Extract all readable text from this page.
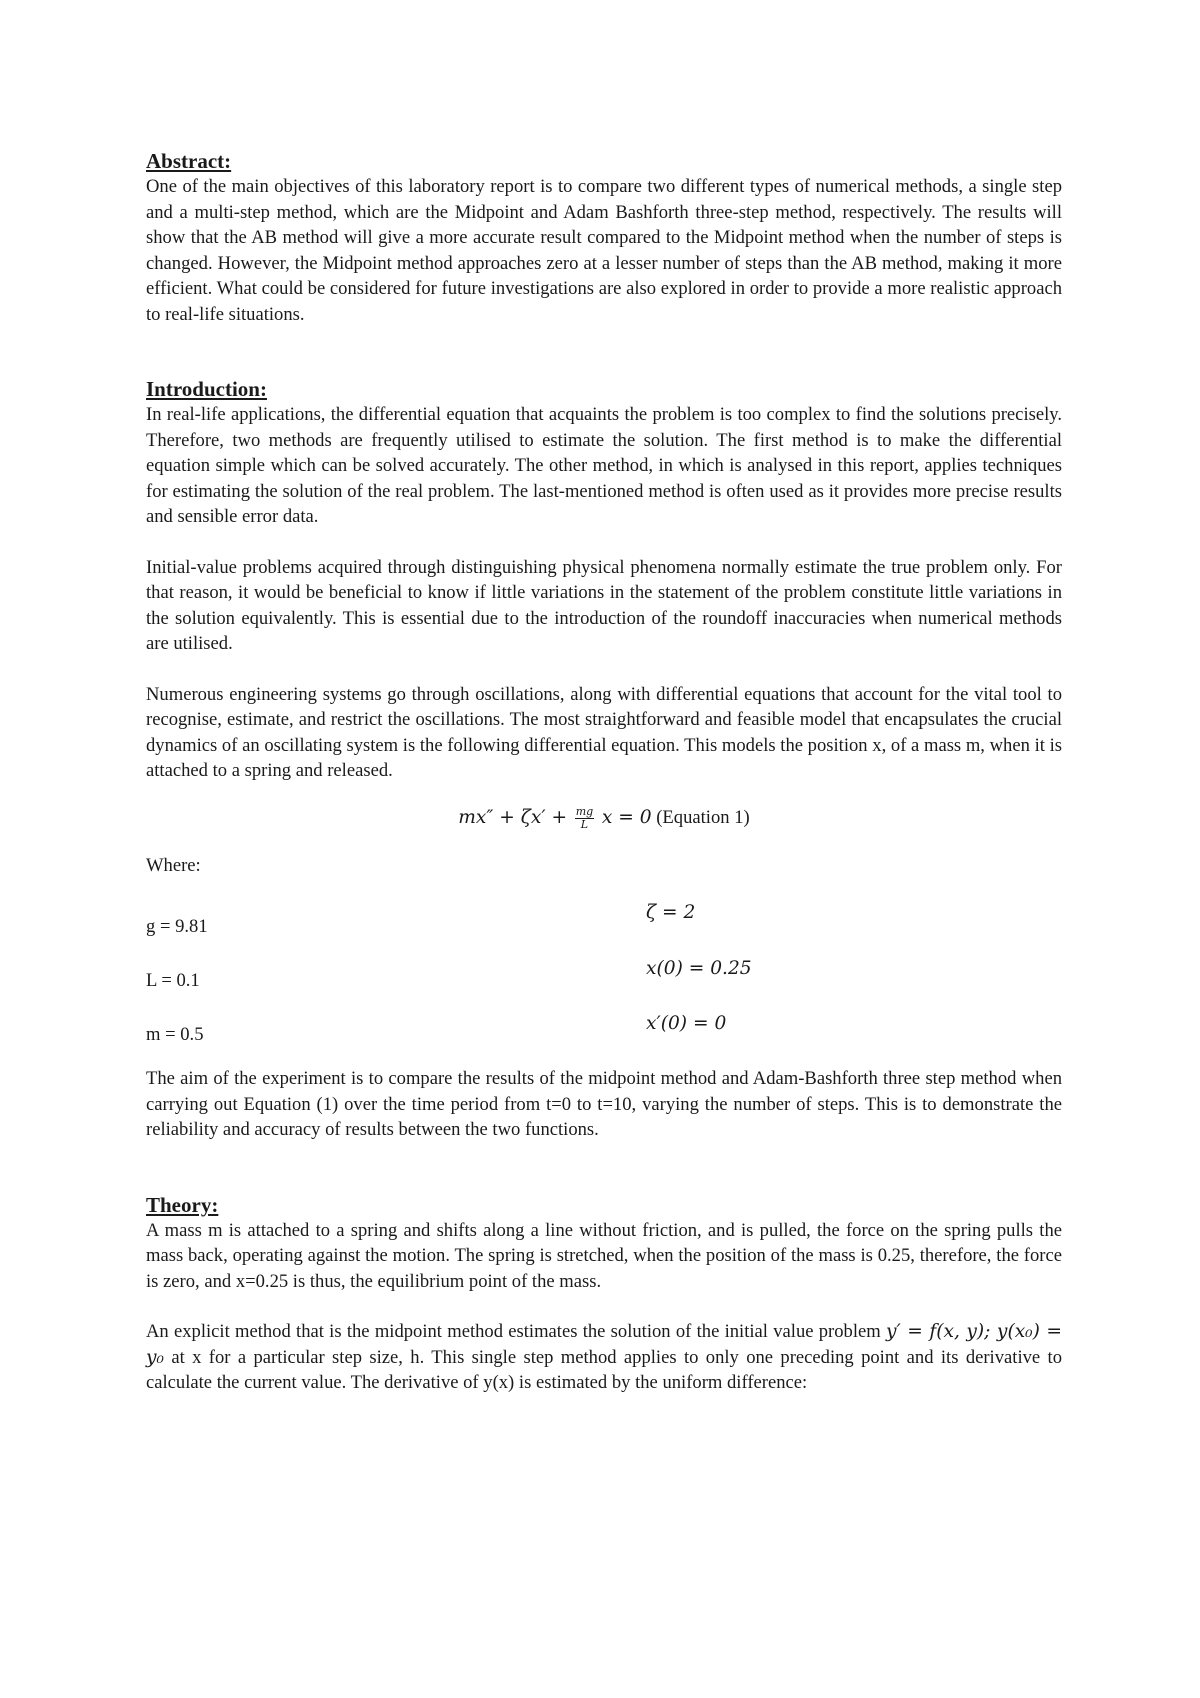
Abstract:

One of the main objectives of this laboratory report is to compare two different types of numerical methods, a single step and a multi-step method, which are the Midpoint and Adam Bashforth three-step method, respectively. The results will show that the AB method will give a more accurate result compared to the Midpoint method when the number of steps is changed. However, the Midpoint method approaches zero at a lesser number of steps than the AB method, making it more efficient. What could be considered for future investigations are also explored in order to provide a more realistic approach to real-life situations.

Introduction:

In real-life applications, the differential equation that acquaints the problem is too complex to find the solutions precisely. Therefore, two methods are frequently utilised to estimate the solution. The first method is to make the differential equation simple which can be solved accurately. The other method, in which is analysed in this report, applies techniques for estimating the solution of the real problem. The last-mentioned method is often used as it provides more precise results and sensible error data.

Initial-value problems acquired through distinguishing physical phenomena normally estimate the true problem only. For that reason, it would be beneficial to know if little variations in the statement of the problem constitute little variations in the solution equivalently. This is essential due to the introduction of the roundoff inaccuracies when numerical methods are utilised.

Numerous engineering systems go through oscillations, along with differential equations that account for the vital tool to recognise, estimate, and restrict the oscillations. The most straightforward and feasible model that encapsulates the crucial dynamics of an oscillating system is the following differential equation. This models the position x, of a mass m, when it is attached to a spring and released.

$mx'' + \zeta x' + \frac{mg}{L}$ x = 0 (Equation 1)

Where:

g = 9.81
L = 0.1
m = 0.5
ζ = 2
x(0) = 0.25
x′(0) = 0

The aim of the experiment is to compare the results of the midpoint method and Adam-Bashforth three step method when carrying out Equation (1) over the time period from t=0 to t=10, varying the number of steps. This is to demonstrate the reliability and accuracy of results between the two functions.

Theory:

A mass m is attached to a spring and shifts along a line without friction, and is pulled, the force on the spring pulls the mass back, operating against the motion. The spring is stretched, when the position of the mass is 0.25, therefore, the force is zero, and x=0.25 is thus, the equilibrium point of the mass.

An explicit method that is the midpoint method estimates the solution of the initial value problem y′ = f(x, y); y(x₀) = y₀ at x for a particular step size, h. This single step method applies to only one preceding point and its derivative to calculate the current value. The derivative of y(x) is estimated by the uniform difference:
